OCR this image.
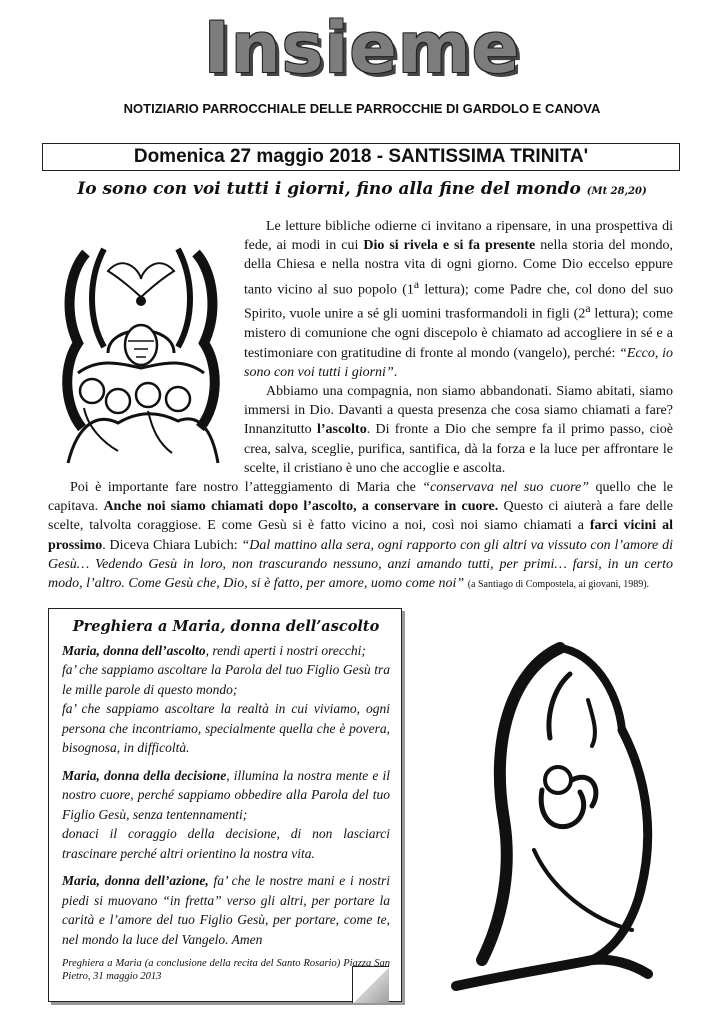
Insieme
NOTIZIARIO PARROCCHIALE DELLE PARROCCHIE DI GARDOLO E CANOVA
Domenica 27 maggio 2018 - SANTISSIMA TRINITA'
Io sono con voi tutti i giorni, fino alla fine del mondo (Mt 28,20)

Le letture bibliche odierne ci invitano a ripensare, in una prospettiva di fede, ai modi in cui Dio si rivela e si fa presente nella storia del mondo, della Chiesa e nella nostra vita di ogni giorno. Come Dio eccelso eppure tanto vicino al suo popolo (1$^a$ lettura); come Padre che, col dono del suo Spirito, vuole unire a sé gli uomini trasformandoli in figli (2$^a$ lettura); come mistero di comunione che ogni discepolo è chiamato ad accogliere in sé e a testimoniare con gratitudine di fronte al mondo (vangelo), perché: “Ecco, io sono con voi tutti i giorni”.

Abbiamo una compagnia, non siamo abbandonati. Siamo abitati, siamo immersi in Dio. Davanti a questa presenza che cosa siamo chiamati a fare? Innanzitutto l’ascolto. Di fronte a Dio che sempre fa il primo passo, cioè crea, salva, sceglie, purifica, santifica, dà la forza e la luce per affrontare le scelte, il cristiano è uno che accoglie e ascolta.

Poi è importante fare nostro l’atteggiamento di Maria che “conservava nel suo cuore” quello che le capitava. Anche noi siamo chiamati dopo l’ascolto, a conservare in cuore. Questo ci aiuterà a fare delle scelte, talvolta coraggiose. E come Gesù si è fatto vicino a noi, così noi siamo chiamati a farci vicini al prossimo. Diceva Chiara Lubich: “Dal mattino alla sera, ogni rapporto con gli altri va vissuto con l’amore di Gesù… Vedendo Gesù in loro, non trascurando nessuno, anzi amando tutti, per primi… farsi, in un certo modo, l’altro. Come Gesù che, Dio, si è fatto, per amore, uomo come noi” (a Santiago di Compostela, ai giovani, 1989).

Preghiera a Maria, donna dell’ascolto

Maria, donna dell’ascolto, rendi aperti i nostri orecchi;
fa’ che sappiamo ascoltare la Parola del tuo Figlio Gesù tra le mille parole di questo mondo;
fa’ che sappiamo ascoltare la realtà in cui viviamo, ogni persona che incontriamo, specialmente quella che è povera, bisognosa, in difficoltà.

Maria, donna della decisione, illumina la nostra mente e il nostro cuore, perché sappiamo obbedire alla Parola del tuo Figlio Gesù, senza tentennamenti;
donaci il coraggio della decisione, di non lasciarci trascinare perché altri orientino la nostra vita.

Maria, donna dell’azione, fa’ che le nostre mani e i nostri piedi si muovano “in fretta” verso gli altri, per portare la carità e l’amore del tuo Figlio Gesù, per portare, come te, nel mondo la luce del Vangelo. Amen

Preghiera a Maria (a conclusione della recita del Santo Rosario) Piazza San Pietro, 31 maggio 2013
